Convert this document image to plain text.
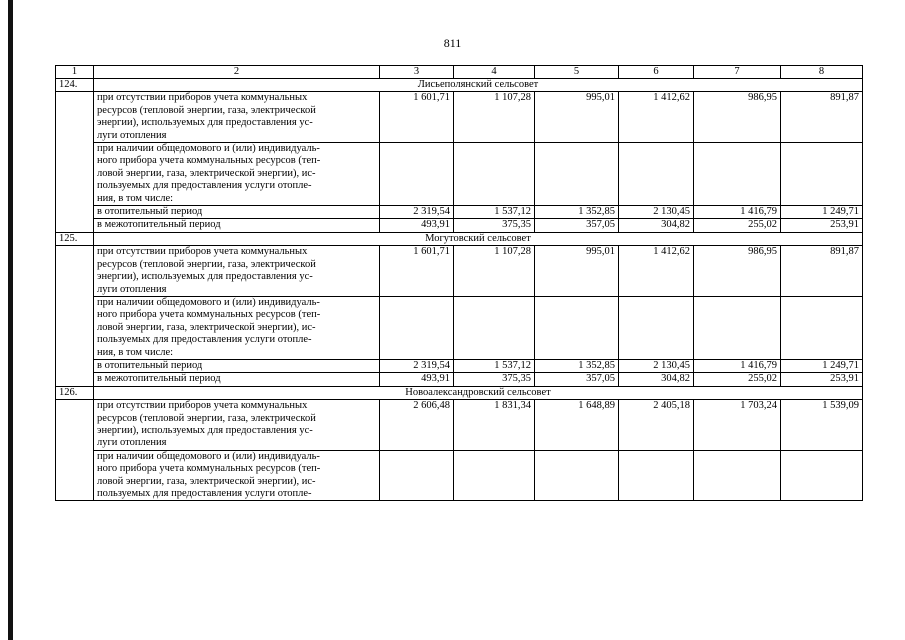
811
1	2	3	4	5	6	7	8
124.	Лисьеполянский сельсовет						

	при отсутствии приборов учета коммунальных
ресурсов (тепловой энергии, газа, электрической
энергии), используемых для предоставления ус-
луги отопления	1 601,71	1 107,28	995,01	1 412,62	986,95	891,87

	при наличии общедомового и (или) индивидуаль-
ного прибора учета коммунальных ресурсов (теп-
ловой энергии, газа, электрической энергии), ис-
пользуемых для предоставления услуги отопле-
ния, в том числе:						

	в отопительный период	2 319,54	1 537,12	1 352,85	2 130,45	1 416,79	1 249,71
	в межотопительный период	493,91	375,35	357,05	304,82	255,02	253,91
125.	Могутовский сельсовет						

	при отсутствии приборов учета коммунальных
ресурсов (тепловой энергии, газа, электрической
энергии), используемых для предоставления ус-
луги отопления	1 601,71	1 107,28	995,01	1 412,62	986,95	891,87

	при наличии общедомового и (или) индивидуаль-
ного прибора учета коммунальных ресурсов (теп-
ловой энергии, газа, электрической энергии), ис-
пользуемых для предоставления услуги отопле-
ния, в том числе:						

	в отопительный период	2 319,54	1 537,12	1 352,85	2 130,45	1 416,79	1 249,71
	в межотопительный период	493,91	375,35	357,05	304,82	255,02	253,91
126.	Новоалександровский сельсовет						

	при отсутствии приборов учета коммунальных
ресурсов (тепловой энергии, газа, электрической
энергии), используемых для предоставления ус-
луги отопления	2 606,48	1 831,34	1 648,89	2 405,18	1 703,24	1 539,09

	при наличии общедомового и (или) индивидуаль-
ного прибора учета коммунальных ресурсов (теп-
ловой энергии, газа, электрической энергии), ис-
пользуемых для предоставления услуги отопле-						
